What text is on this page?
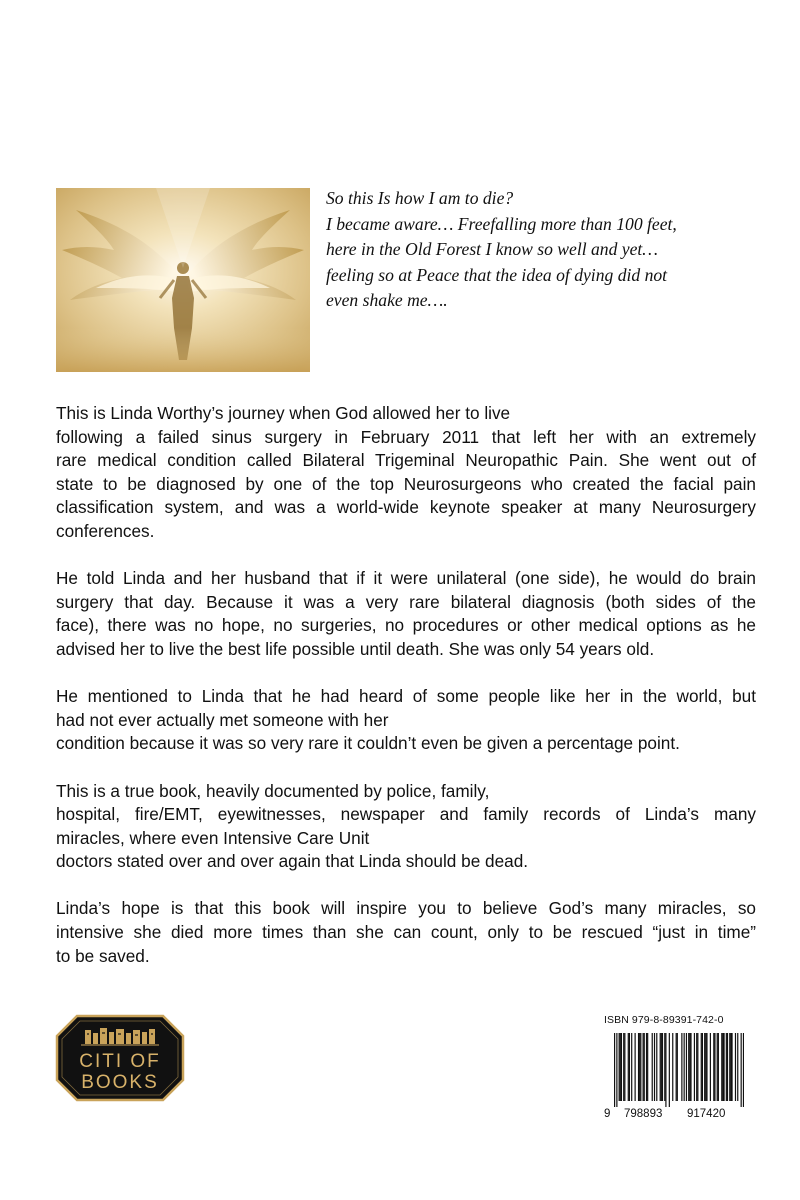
So this Is how I am to die?
I became aware… Freefalling more than 100 feet,
here in the Old Forest I know so well and yet…
feeling so at Peace that the idea of dying did not
even shake me….

This is Linda Worthy’s journey when God allowed her to live
following a failed sinus surgery in February 2011 that left her with an extremely
rare medical condition called Bilateral Trigeminal Neuropathic Pain. She went out of
state to be diagnosed by one of the top Neurosurgeons who created the facial pain
classification system, and was a world-wide keynote speaker at many Neurosurgery
conferences.

He told Linda and her husband that if it were unilateral (one side), he would do brain
surgery that day. Because it was a very rare bilateral diagnosis (both sides of the
face), there was no hope, no surgeries, no procedures or other medical options as he
advised her to live the best life possible until death. She was only 54 years old.

He mentioned to Linda that he had heard of some people like her in the world, but
had not ever actually met someone with her
condition because it was so very rare it couldn’t even be given a percentage point.

This is a true book, heavily documented by police, family,
hospital, fire/EMT, eyewitnesses, newspaper and family records of Linda’s many
miracles, where even Intensive Care Unit
doctors stated over and over again that Linda should be dead.

Linda’s hope is that this book will inspire you to believe God’s many miracles, so
intensive she died more times than she can count, only to be rescued “just in time”
to be saved.

CITI OF
BOOKS
ISBN 979-8-89391-742-0
9 798893 917420
